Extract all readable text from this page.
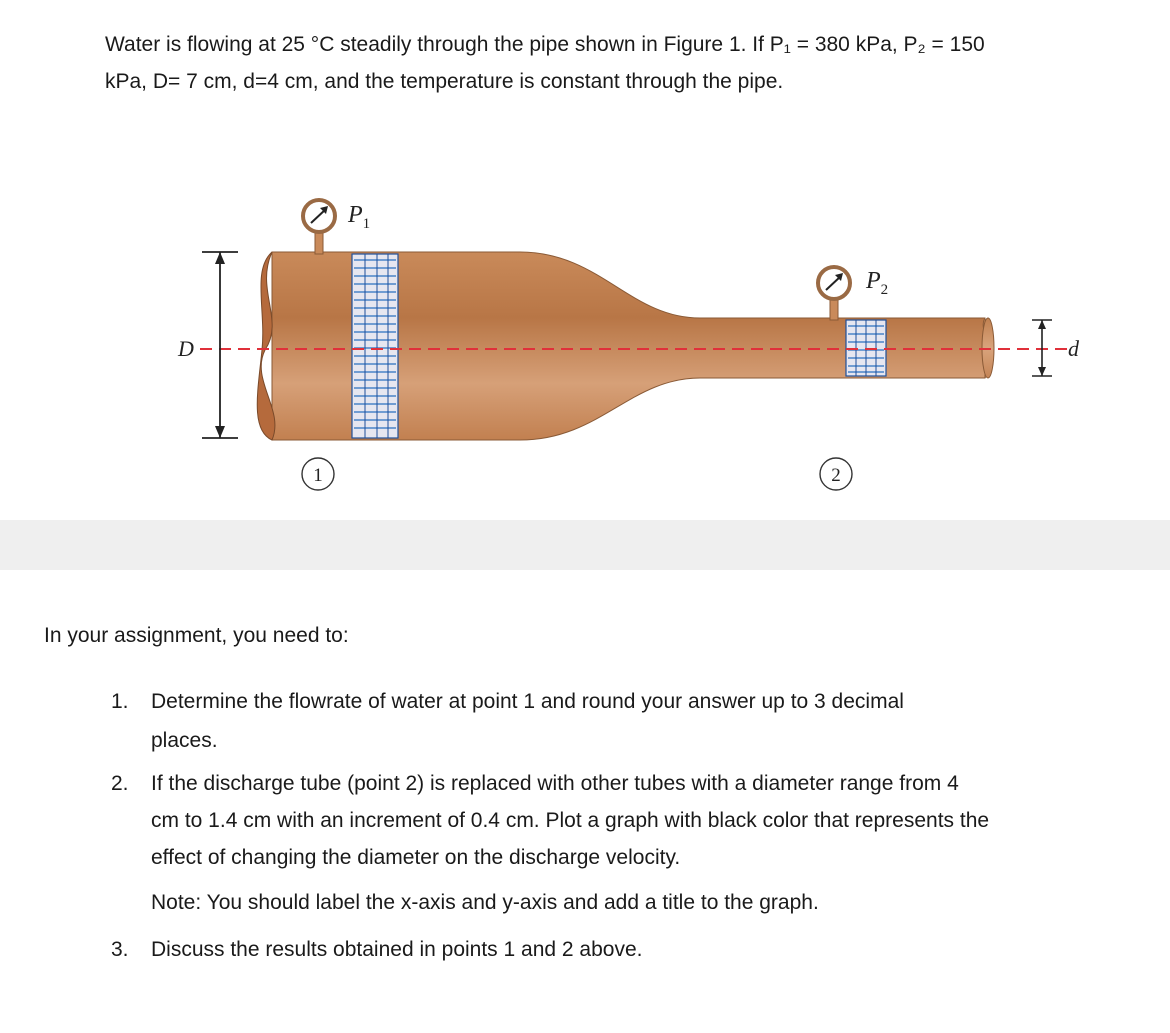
Water is flowing at 25 °C steadily through the pipe shown in Figure 1. If P₁ = 380 kPa, P₂ = 150
kPa, D= 7 cm, d=4 cm, and the temperature is constant through the pipe.
D	d
$P_1$
$P_2$
1	2

In your assignment, you need to:

1.	Determine the flowrate of water at point 1 and round your answer up to 3 decimal
places.
2.	If the discharge tube (point 2) is replaced with other tubes with a diameter range from 4
cm to 1.4 cm with an increment of 0.4 cm. Plot a graph with black color that represents the
effect of changing the diameter on the discharge velocity.
Note: You should label the x-axis and y-axis and add a title to the graph.
3.	Discuss the results obtained in points 1 and 2 above.
